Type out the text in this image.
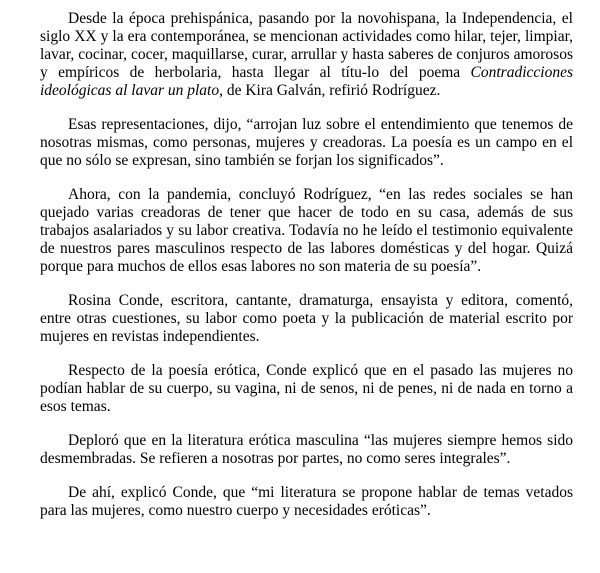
Desde la época prehispánica, pasando por la novohispana, la Independencia, el siglo XX y la era contemporánea, se mencionan actividades como hilar, tejer, limpiar, lavar, cocinar, cocer, maquillarse, curar, arrullar y hasta saberes de conjuros amorosos y empíricos de herbolaria, hasta llegar al títu-lo del poema Contradicciones ideológicas al lavar un plato, de Kira Galván, refirió Rodríguez.

Esas representaciones, dijo, “arrojan luz sobre el entendimiento que tenemos de nosotras mismas, como personas, mujeres y creadoras. La poesía es un campo en el que no sólo se expresan, sino también se forjan los significados”.

Ahora, con la pandemia, concluyó Rodríguez, “en las redes sociales se han quejado varias creadoras de tener que hacer de todo en su casa, además de sus trabajos asalariados y su labor creativa. Todavía no he leído el testimonio equivalente de nuestros pares masculinos respecto de las labores domésticas y del hogar. Quizá porque para muchos de ellos esas labores no son materia de su poesía”.

Rosina Conde, escritora, cantante, dramaturga, ensayista y editora, comentó, entre otras cuestiones, su labor como poeta y la publicación de material escrito por mujeres en revistas independientes.

Respecto de la poesía erótica, Conde explicó que en el pasado las mujeres no podían hablar de su cuerpo, su vagina, ni de senos, ni de penes, ni de nada en torno a esos temas.

Deploró que en la literatura erótica masculina “las mujeres siempre hemos sido desmembradas. Se refieren a nosotras por partes, no como seres integrales”.

De ahí, explicó Conde, que “mi literatura se propone hablar de temas vetados para las mujeres, como nuestro cuerpo y necesidades eróticas”.
